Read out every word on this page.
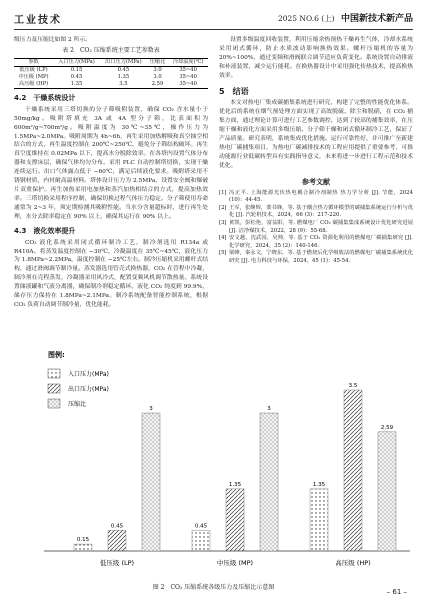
工业技术	2025 NO.6 (上) 中国新技术新产品

级压力及压缩比如图 2 所示。

表 2　CO₂ 压缩系统主要工艺参数表
参数	入口压力(MPa)	出口压力(MPa)	压缩比	冷却温度(℃)
低压级 (LP)	0.15	0.45	3.0	35~40
中压级 (MP)	0.45	1.35	3.0	35~40
高压级 (HP)	1.35	3.5	2.59	35~40
4.2　干燥系统设计

干燥系统采用三塔切换的分子筛吸附装置，确保 CO₂ 含水量小于 50mg/kg。吸附塔填充 3A 或 4A 型分子筛，比表面积为 600m²/g~700m²/g。吸附温度为 30℃~35℃，操作压力为 1.5MPa~2.0MPa。吸附周期为 4h~6h，再生采用加热解吸和真空抽空相结合的方式，再生温度控制在 200℃~250℃，避免分子筛结构破坏。再生真空度维持在 0.02MPa 以下，提高水分脱除效率。在各塔内设置气体分布器和支撑床层，确保气体均匀分布。采用 PLC 自动控制塔切换，实现干燥连续运行。出口气体露点低于 −60℃，满足后续液化要求。吸附塔采用不锈钢材质，内衬耐高温材料。塔体设计压力为 2.5MPa，设置安全阀和爆破片双重保护。再生加热采用电加热和蒸汽加热相结合的方式，提高加热效率。三塔切换采用程序控制，确保切换过程气体压力稳定。分子筛使用寿命通常为 2~3 年，须定期检测其吸附性能。当水分含量超标时，进行再生处理，水分去除率稳定在 90% 以上，确保其运行在 90% 以上。

4.3　液化效率提升

CO₂ 液化系统采用闭式循环制冷工艺，制冷剂选用 R134a 或 R410A。将蒸发温度控制在 −30℃，冷凝温度在 35℃~45℃，液化压力为 1.8MPa~2.2MPa，温度控制在 −25℃左右。制冷压缩机采用螺杆式结构，通过滑阀调节制冷量。蒸发器选用管壳式换热器，CO₂ 在管程中冷凝，制冷剂在壳程蒸发，冷凝器采用风冷式，配置变频风机调节散热量。系统设置储液罐和气液分离器，确保制冷剂稳定循环。液化 CO₂ 纯度到 99.9%，储存压力保持在 1.8MPa~2.1MPa。制冷系统配备智能控制系统，根据 CO₂ 负荷自动调节制冷量，优化能耗。

设置多级温度回收装置，利用压缩余热预热干燥再生气体，冷却水系统采用闭式循环，防止水质波动影响换热效果。螺杆压缩机的容量为 20%~100%，通过变频和滑阀联合调节适应负荷变化。系统设置自动排液和补液装置，减少运行能耗。在换热器设计中采用强化传热技术，提高换热效率。

5　结语

本文对热电厂集成碳捕集系统进行研究，构建了完整的性能优化体系。优化后的系统在烟气预处理方面实现了高效脱硫、除尘和脱硝，在 CO₂ 捕集方面，通过理论计算可进行工艺参数调控，达到了较高的捕集效率，在压缩干燥和液化方面采用多级压缩、分子筛干燥和闭式循环制冷工艺，保证了产品质量。研究表明，系统集成优化措施、运行可靠性好，并可推广至新建热电厂碳捕集项目，为热电厂碳减排技术的工程应用提供了重要参考，可推动能源行业低碳转型具有实践指导意义，未来将进一步进行工程示范和技术优化。

参考文献

[1] 冯正平. 上海能源光伏热电耦合制冷剂制热 热力学分析 [J]. 节能，2024 (10)：44-45.

[2] 王军，张继辉，蒙书锋，等. 基于耦合热力循环模型的碳捕集系统运行分析与优化 [J]. 汽轮机技术，2024，66 (3)：217-220.

[3] 黄凯，彭松艳，富益阳，等. 燃煤电厂 CO₂ 碳捕集集成系统设计优化研究进展 [J]. 洁净煤技术，2022，28 (9)：55-68.

[4] 安文越，沈武园，吴帅，等. 基于 CO₂ 资源化利用的燃煤电厂碳捕集研究 [J]. 化学研究，2024，35 (2)：140-146.

[5] 梁峰，秦永文，宁晓东，等. 基于燃烧后化学吸收法的燃煤电厂碳捕集系统优化研究 [J]. 电力科技与环保，2024，45 (1)：45-54.

图例:
入口压力(MPa)
出口压力(MPa)
压缩比
0.15
0.45
3
低压级 (LP)
0.45
1.35
3
中压级 (MP)
1.35
3.5
2.59
高压级 (HP)
图 2　CO₂ 压缩系统各级压力及压缩比示意图
– 61 –
